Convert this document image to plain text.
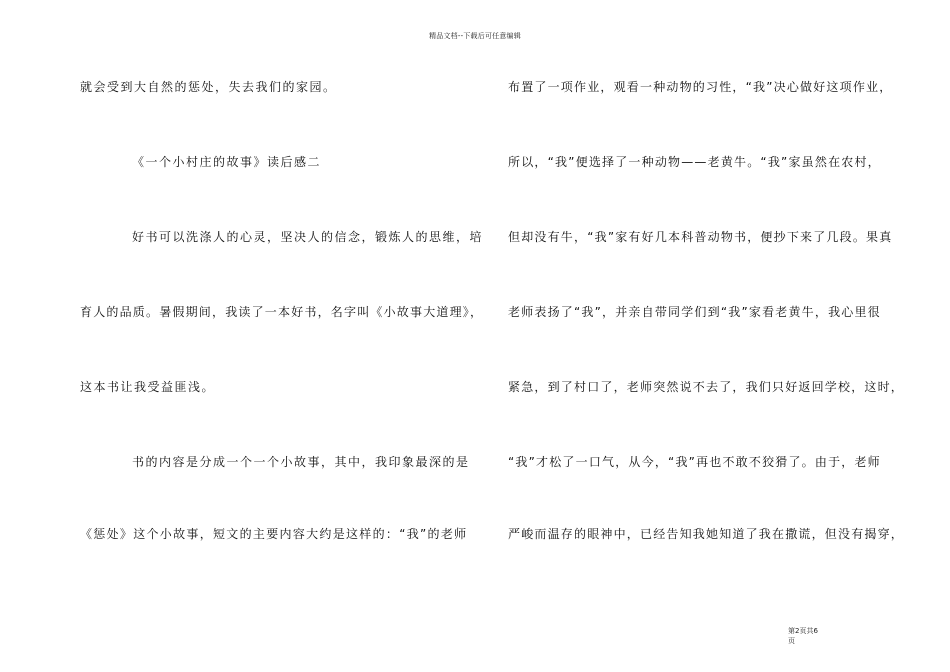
精品文档--下载后可任意编辑
就会受到大自然的惩处，失去我们的家园。
《一个小村庄的故事》读后感二
好书可以洗涤人的心灵，坚决人的信念，锻炼人的思维，培
育人的品质。暑假期间，我读了一本好书，名字叫《小故事大道理》，
这本书让我受益匪浅。
书的内容是分成一个一个小故事，其中，我印象最深的是
《惩处》这个小故事，短文的主要内容大约是这样的：“我”的老师
布置了一项作业，观看一种动物的习性，“我”决心做好这项作业，
所以，“我”便选择了一种动物——老黄牛。“我”家虽然在农村，
但却没有牛，“我”家有好几本科普动物书，便抄下来了几段。果真
老师表扬了“我”，并亲自带同学们到“我”家看老黄牛，我心里很
紧急，到了村口了，老师突然说不去了，我们只好返回学校，这时，
“我”才松了一口气，从今，“我”再也不敢不狡猾了。由于，老师
严峻而温存的眼神中，已经告知我她知道了我在撒谎，但没有揭穿，
第2页共6
页
